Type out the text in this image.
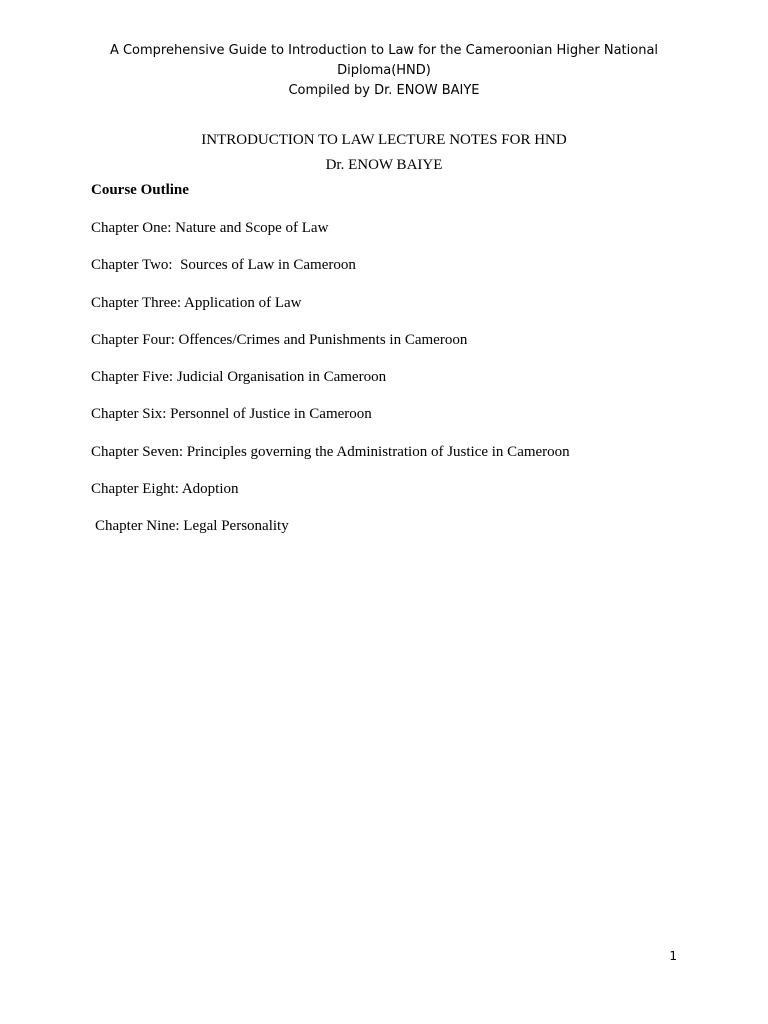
A Comprehensive Guide to Introduction to Law for the Cameroonian Higher National
Diploma(HND)
Compiled by Dr. ENOW BAIYE
INTRODUCTION TO LAW LECTURE NOTES FOR HND
Dr. ENOW BAIYE
Course Outline
Chapter One: Nature and Scope of Law
Chapter Two:  Sources of Law in Cameroon
Chapter Three: Application of Law
Chapter Four: Offences/Crimes and Punishments in Cameroon
Chapter Five: Judicial Organisation in Cameroon
Chapter Six: Personnel of Justice in Cameroon
Chapter Seven: Principles governing the Administration of Justice in Cameroon
Chapter Eight: Adoption
Chapter Nine: Legal Personality
1
